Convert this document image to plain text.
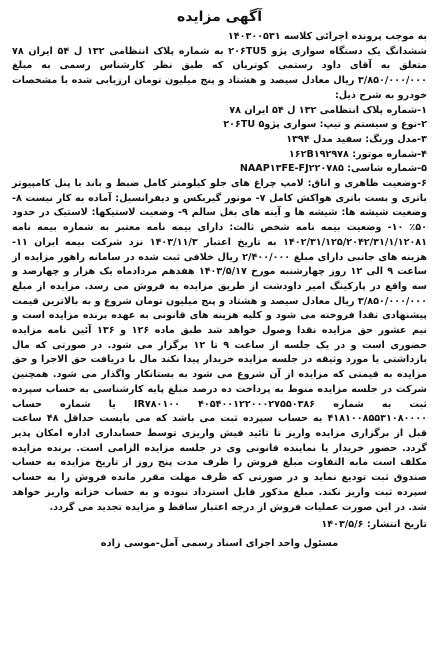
آگهی مزایده

به موجب پرونده اجرائی کلاسه ۱۴۰۳۰۰۵۳۱

ششدانگ یک دستگاه سواری پژو ۲۰۶TU5 به شماره پلاک انتظامی ۱۳۲ ل ۵۴ ایران ۷۸ متعلق به آقای داود رستمی کوتریان که طبق نظر کارشناس رسمی به مبلغ ۳/۸۵۰/۰۰۰/۰۰۰ ریال معادل سیصد و هشتاد و پنج میلیون تومان ارزیابی شده با مشخصات خودرو به شرح ذیل:

۱-شماره پلاک انتظامی ۱۳۲ ل ۵۴ ایران ۷۸

۲-نوع و سیستم و تیپ: سواری پژو۵ ۲۰۶TU

۳-مدل ورنگ: سفید مدل ۱۳۹۴

۴-شماره موتور: ۱۶۲B۱۹۲۹۷۸

۵-شماره شاسی: NAAP۱۳FE-FJ۲۲۰۷۸۵

۶-وضعیت ظاهری و اتاق: لامپ چراغ های جلو کیلومتر کامل ضبط و باند با پنل کامپیوتر باتری و بست باتری هواکش کامل ۷- موتور گیربکس و دیفرانسیل: آماده به کار نیست ۸- وضعیت شیشه ها: شیشه ها و آینه های بغل سالم ۹- وضعیت لاستیکها: لاستیک در حدود ۵۰٪ ۱۰- وضعیت بیمه نامه شخص ثالث: دارای بیمه نامه معتبر به شماره بیمه نامه ۱۴۰۲/۳۱/۱۲۵/۲۰۴۲/۳۱/۱/۱۲۰۸۱ به تاریخ اعتبار ۱۴۰۳/۱۱/۳ نزد شرکت بیمه ایران ۱۱- هزینه های جانبی دارای مبلغ ۲/۴۰۰/۰۰۰ ریال خلافی ثبت شده در سامانه راهور مزایده از ساعت ۹ الی ۱۲ روز چهارشنبه مورخ ۱۴۰۳/۵/۱۷ هفدهم مردادماه یک هزار و چهارصد و سه واقع در پارکینگ امیر داودشت از طریق مزایده به فروش می رسد. مزایده از مبلغ ۳/۸۵۰/۰۰۰/۰۰۰ ریال معادل سیصد و هشتاد و پنج میلیون تومان شروع و به بالاترین قیمت پیشنهادی نقدا فروخته می شود و کلیه هزینه های قانونی به عهده برنده مزایده است و نیم عشور حق مزایده نقدا وصول خواهد شد طبق ماده ۱۲۶ و ۱۳۶ آئین نامه مزایده حضوری است و در یک جلسه از ساعت ۹ تا ۱۲ برگزار می شود. در صورتی که مال بازداشتی یا مورد وثیقه در جلسه مزایده خریدار پیدا نکند مال با دریافت حق الاجرا و حق مزایده به قیمتی که مزایده از آن شروع می شود به بستانکار واگذار می شود. همچنین شرکت در جلسه مزایده منوط به پرداخت ده درصد مبلغ پایه کارشناسی به حساب سپرده ثبت به شماره ۴۰۵۴۰۰۱۲۲۰۰۰۲۷۵۵۰۳۸۶ IR۷۸۰۱۰۰ یا شماره حساب ۴۱۸۱۰۰۸۵۵۳۱۰۸۰۰۰۰ به حساب سپرده ثبت می باشد که می بایست حداقل ۴۸ ساعت قبل از برگزاری مزایده واریز تا تائید فیش واریزی توسط حسابداری اداره امکان پذیر گردد. حضور خریدار یا نماینده قانونی وی در جلسه مزایده الزامی است. برنده مزایده مکلف است مابه التفاوت مبلغ فروش را ظرف مدت پنج روز از تاریخ مزایده به حساب صندوق ثبت تودیع نماید و در صورتی که ظرف مهلت مقرر مانده فروش را به حساب سپرده ثبت واریز نکند. مبلغ مذکور قابل استرداد نبوده و به حساب خزانه واریز خواهد شد. در این صورت عملیات فروش از درجه اعتبار ساقط و مزایده تجدید می گردد.

تاریخ انتشار: ۱۴۰۳/۵/۶
مسئول واحد اجرای اسناد رسمی آمل-موسی زاده
